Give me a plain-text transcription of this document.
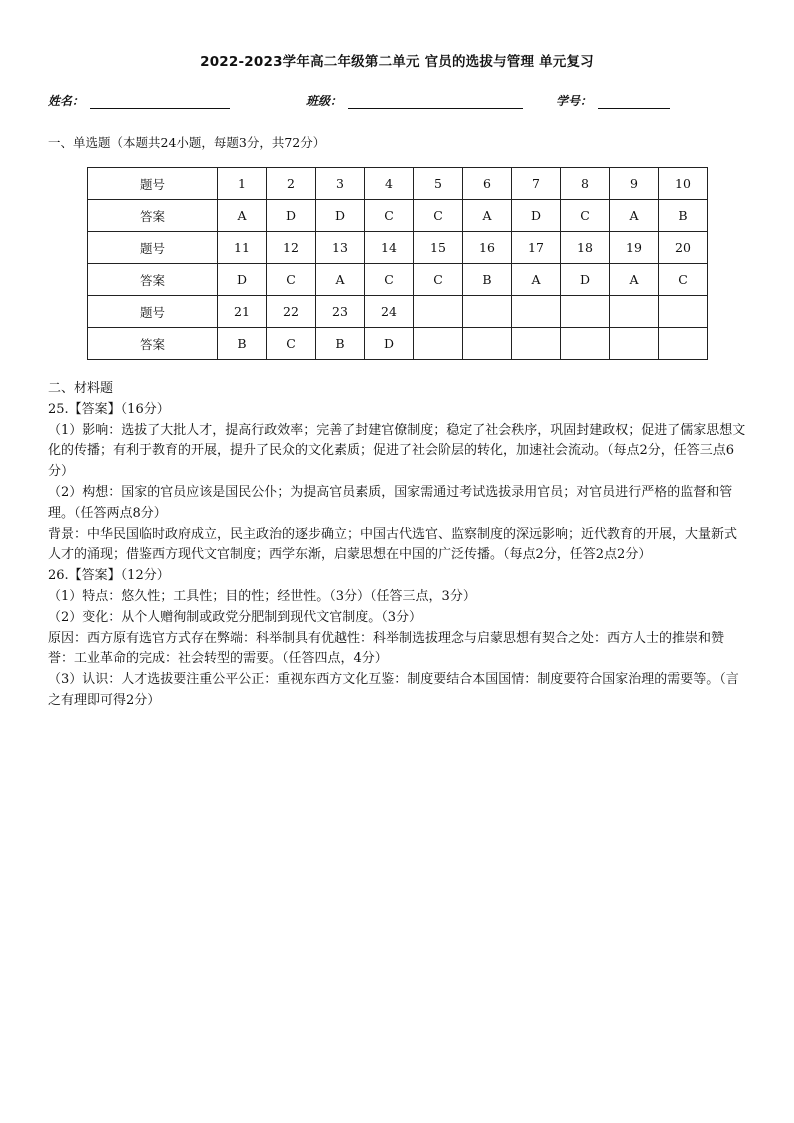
2022-2023学年高二年级第二单元 官员的选拔与管理 单元复习
姓名：	班级：	学号：
一、单选题（本题共24小题，每题3分，共72分）
题号	1	2	3	4	5	6	7	8	9	10
答案	A	D	D	C	C	A	D	C	A	B
题号	11	12	13	14	15	16	17	18	19	20
答案	D	C	A	C	C	B	A	D	A	C
题号	21	22	23	24						
答案	B	C	B	D						

二、材料题

25.【答案】（16分）

（1）影响：选拔了大批人才，提高行政效率；完善了封建官僚制度；稳定了社会秩序，巩固封建政权；促进了儒家思想文化的传播；有利于教育的开展，提升了民众的文化素质；促进了社会阶层的转化，加速社会流动。（每点2分，任答三点6分）

（2）构想：国家的官员应该是国民公仆；为提高官员素质，国家需通过考试选拔录用官员；对官员进行严格的监督和管理。（任答两点8分）

背景：中华民国临时政府成立，民主政治的逐步确立；中国古代选官、监察制度的深远影响；近代教育的开展，大量新式人才的涌现；借鉴西方现代文官制度；西学东渐，启蒙思想在中国的广泛传播。（每点2分，任答2点2分）

26.【答案】（12分）

（1）特点：悠久性；工具性；目的性；经世性。（3分）（任答三点，3分）

（2）变化：从个人赠徇制或政党分肥制到现代文官制度。（3分）

原因：西方原有选官方式存在弊端：科举制具有优越性：科举制选拔理念与启蒙思想有契合之处：西方人士的推崇和赞誉：工业革命的完成：社会转型的需要。（任答四点，4分）

（3）认识：人才选拔要注重公平公正：重视东西方文化互鉴：制度要结合本国国情：制度要符合国家治理的需要等。（言之有理即可得2分）
